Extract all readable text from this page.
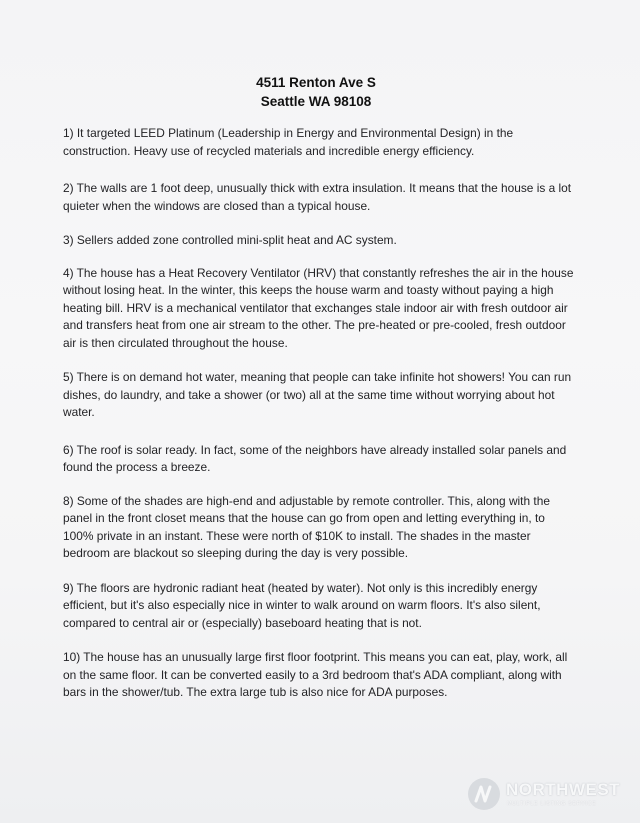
4511 Renton Ave S
Seattle WA 98108

1) It targeted LEED Platinum (Leadership in Energy and Environmental Design) in the construction. Heavy use of recycled materials and incredible energy efficiency.

2) The walls are 1 foot deep, unusually thick with extra insulation. It means that the house is a lot quieter when the windows are closed than a typical house.

3) Sellers added zone controlled mini-split heat and AC system.

4) The house has a Heat Recovery Ventilator (HRV) that constantly refreshes the air in the house without losing heat. In the winter, this keeps the house warm and toasty without paying a high heating bill. HRV is a mechanical ventilator that exchanges stale indoor air with fresh outdoor air and transfers heat from one air stream to the other. The pre-heated or pre-cooled, fresh outdoor air is then circulated throughout the house.

5) There is on demand hot water, meaning that people can take infinite hot showers! You can run dishes, do laundry, and take a shower (or two) all at the same time without worrying about hot water.

6) The roof is solar ready. In fact, some of the neighbors have already installed solar panels and found the process a breeze.

8) Some of the shades are high-end and adjustable by remote controller. This, along with the panel in the front closet means that the house can go from open and letting everything in, to 100% private in an instant. These were north of $10K to install. The shades in the master bedroom are blackout so sleeping during the day is very possible.

9) The floors are hydronic radiant heat (heated by water). Not only is this incredibly energy efficient, but it's also especially nice in winter to walk around on warm floors. It's also silent, compared to central air or (especially) baseboard heating that is not.

10) The house has an unusually large first floor footprint. This means you can eat, play, work, all on the same floor. It can be converted easily to a 3rd bedroom that's ADA compliant, along with bars in the shower/tub. The extra large tub is also nice for ADA purposes.

NORTHWEST
MULTIPLE LISTING SERVICE
